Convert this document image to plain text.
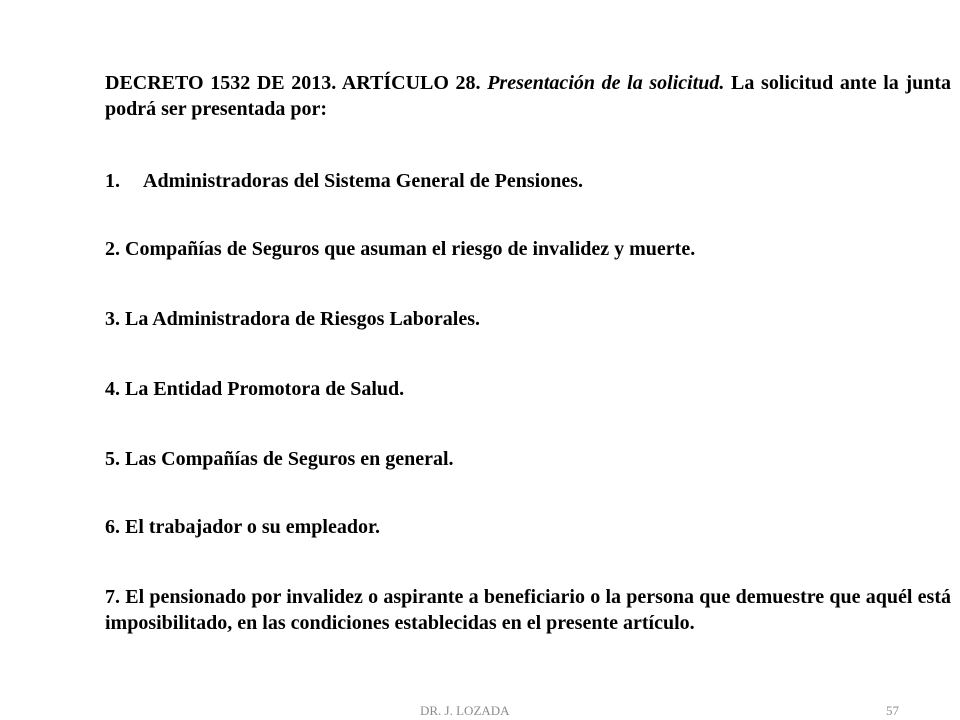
DECRETO 1532 DE 2013. ARTÍCULO 28. Presentación de la solicitud. La solicitud ante la junta podrá ser presentada por:

1. Administradoras del Sistema General de Pensiones.

2. Compañías de Seguros que asuman el riesgo de invalidez y muerte.

3. La Administradora de Riesgos Laborales.

4. La Entidad Promotora de Salud.

5. Las Compañías de Seguros en general.

6. El trabajador o su empleador.

7. El pensionado por invalidez o aspirante a beneficiario o la persona que demuestre que aquél está imposibilitado, en las condiciones establecidas en el presente artículo.

DR. J. LOZADA	57
